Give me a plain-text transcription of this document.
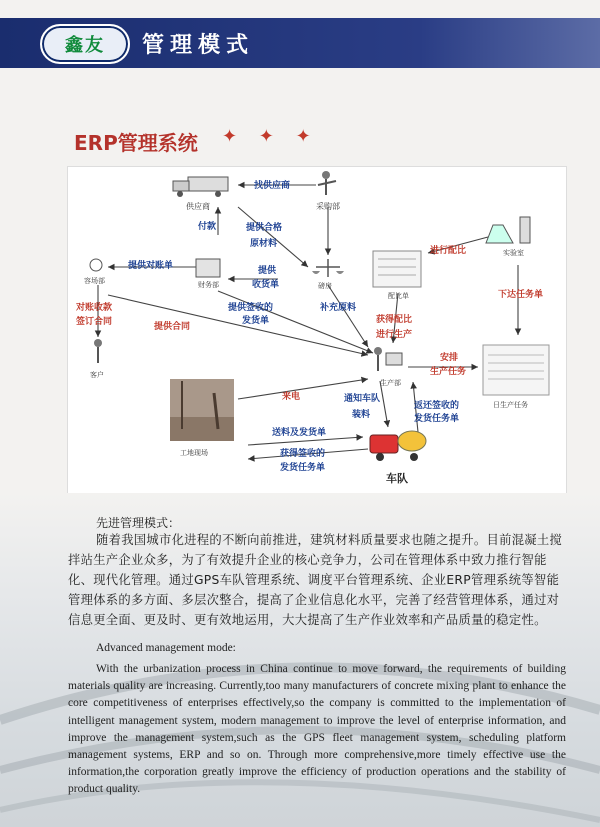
鑫友 管理模式
ERP管理系统 ✦ ✦ ✦
供应商	采购部
容场部	财务部	磅房
配比单
实验室
客户
生产部
日生产任务
工地现场
车队
找供应商
付款	提供合格
原材料
提供对账单	提供
收货单
提供签收的
发货单
对账收款
签订合同	提供合同
补充原料
获得配比
进行生产
进行配比
下达任务单
安排
生产任务
来电	通知车队
装料
返还签收的
发货任务单
送料及发货单
获得签收的
发货任务单
先进管理模式：
随着我国城市化进程的不断向前推进，建筑材料质量要求也随之提升。目前混凝土搅拌站生产企业众多，为了有效提升企业的核心竞争力，公司在管理体系中致力推行智能化、现代化管理。通过GPS车队管理系统、调度平台管理系统、企业ERP管理系统等智能管理体系的多方面、多层次整合，提高了企业信息化水平，完善了经营管理体系，通过对信息更全面、更及时、更有效地运用，大大提高了生产作业效率和产品质量的稳定性。
Advanced management mode:
With the urbanization process in China continue to move forward, the requirements of building materials quality are increasing. Currently,too many manufacturers of concrete mixing plant to enhance the core competitiveness of enterprises effectively,so the company is committed to the implementation of intelligent management system, modern management to improve the level of enterprise information, and improve the management system,such as the GPS fleet management system, scheduling platform management systems, ERP and so on. Through more comprehensive,more timely effective use the information,the corporation greatly improve the efficiency of production operations and the stability of product quality.
